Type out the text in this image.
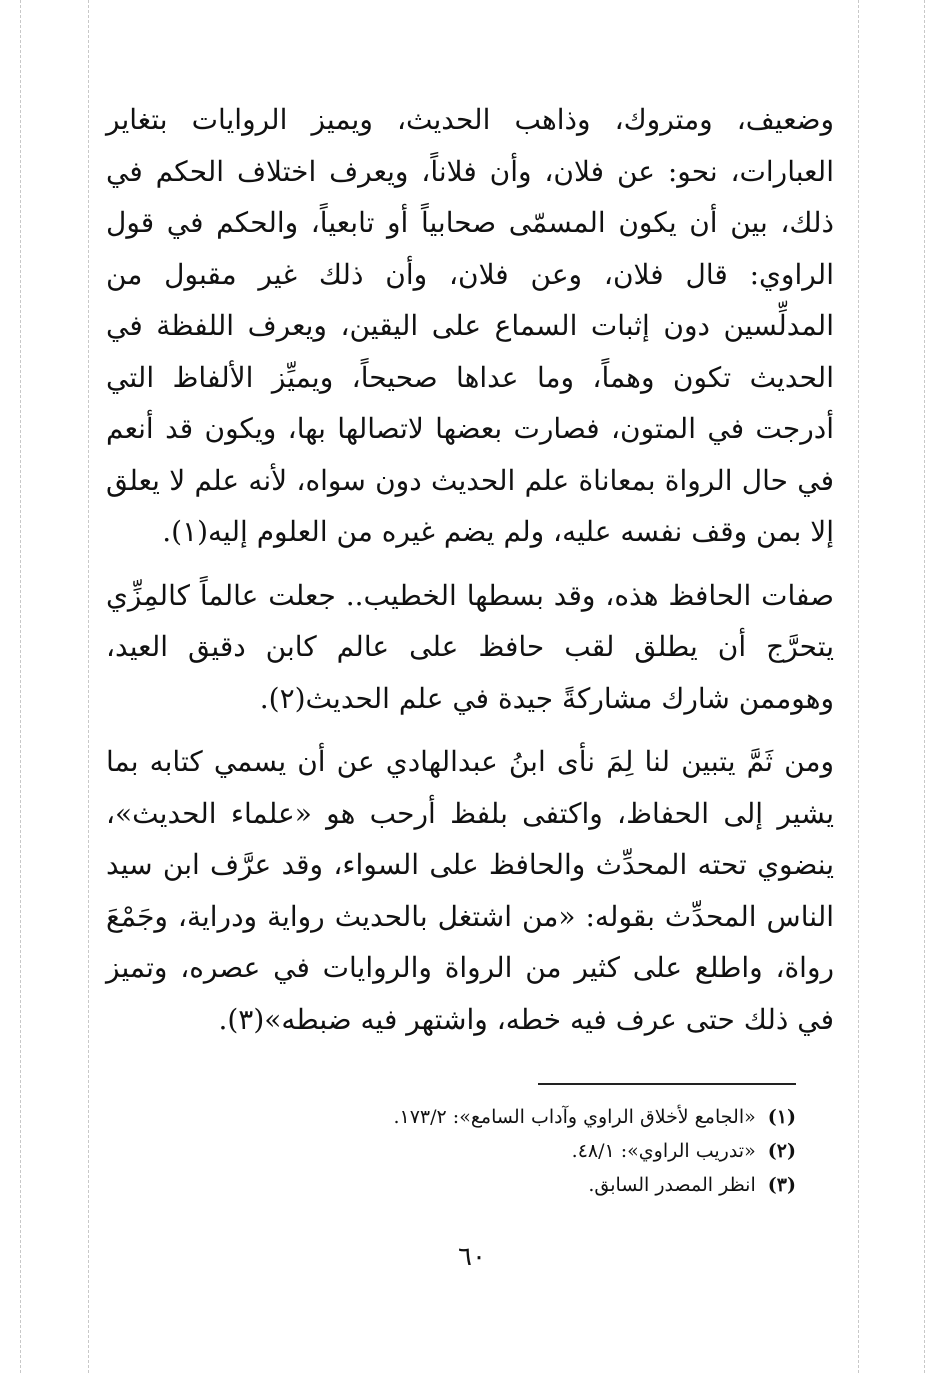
وضعيف، ومتروك، وذاهب الحديث، ويميز الروايات بتغاير العبارات، نحو: عن فلان، وأن فلاناً، ويعرف اختلاف الحكم في ذلك، بين أن يكون المسمّى صحابياً أو تابعياً، والحكم في قول الراوي: قال فلان، وعن فلان، وأن ذلك غير مقبول من المدلِّسين دون إثبات السماع على اليقين، ويعرف اللفظة في الحديث تكون وهماً، وما عداها صحيحاً، ويميِّز الألفاظ التي أدرجت في المتون، فصارت بعضها لاتصالها بها، ويكون قد أنعم في حال الرواة بمعاناة علم الحديث دون سواه، لأنه علم لا يعلق إلا بمن وقف نفسه عليه، ولم يضم غيره من العلوم إليه(١).

صفات الحافظ هذه، وقد بسطها الخطيب.. جعلت عالماً كالمِزِّي يتحرَّج أن يطلق لقب حافظ على عالم كابن دقيق العيد، وهوممن شارك مشاركةً جيدة في علم الحديث(٢).

ومن ثَمَّ يتبين لنا لِمَ نأى ابنُ عبدالهادي عن أن يسمي كتابه بما يشير إلى الحفاظ، واكتفى بلفظ أرحب هو «علماء الحديث»، ينضوي تحته المحدِّث والحافظ على السواء، وقد عرَّف ابن سيد الناس المحدِّث بقوله: «من اشتغل بالحديث رواية ودراية، وجَمْعَ رواة، واطلع على كثير من الرواة والروايات في عصره، وتميز في ذلك حتى عرف فيه خطه، واشتهر فيه ضبطه»(٣).

(١) «الجامع لأخلاق الراوي وآداب السامع»: ١٧٣/٢.

(٢) «تدريب الراوي»: ٤٨/١.

(٣) انظر المصدر السابق.

٦٠
